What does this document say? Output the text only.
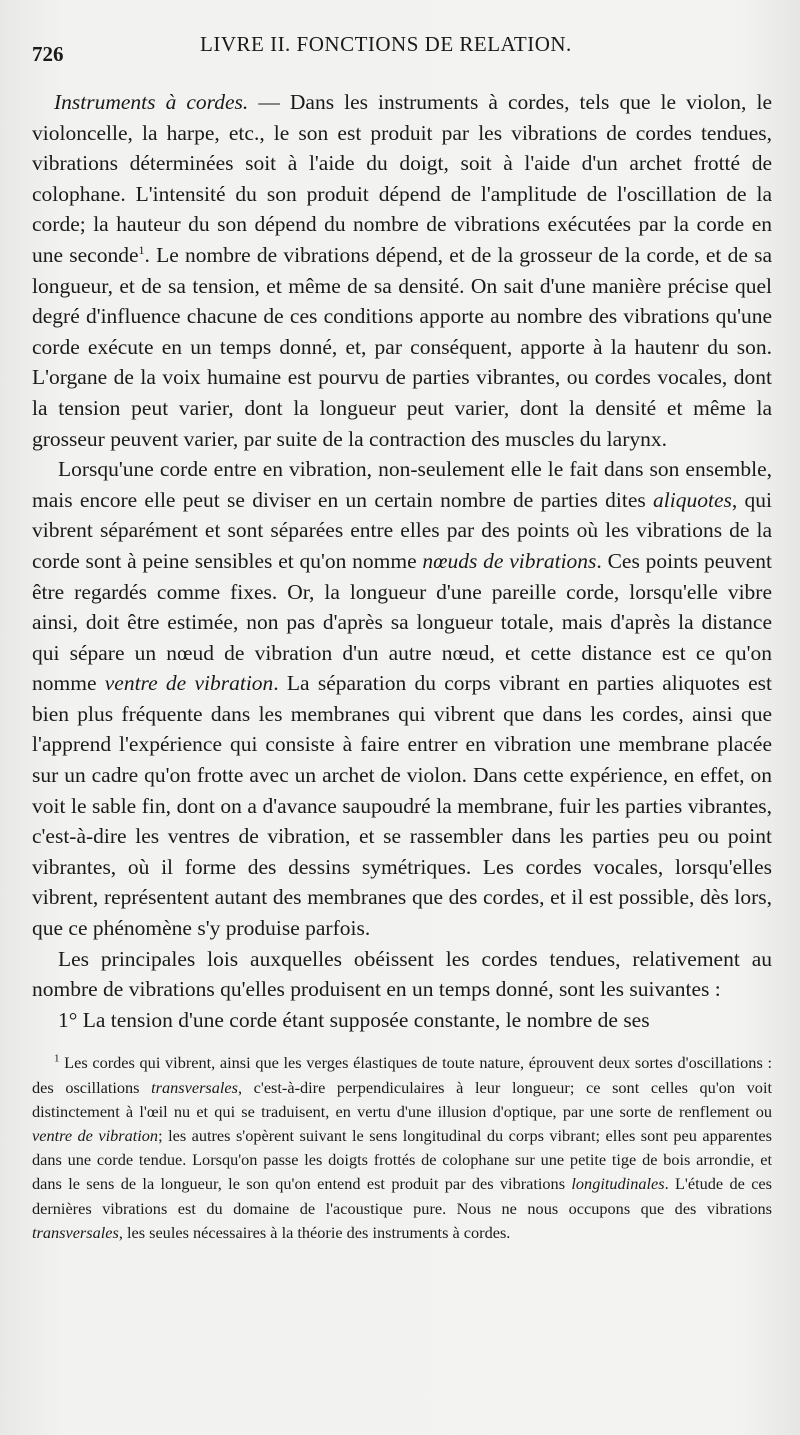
726	LIVRE II. FONCTIONS DE RELATION.

Instruments à cordes. — Dans les instruments à cordes, tels que le violon, le violoncelle, la harpe, etc., le son est produit par les vibrations de cordes tendues, vibrations déterminées soit à l'aide du doigt, soit à l'aide d'un archet frotté de colophane. L'intensité du son produit dépend de l'amplitude de l'oscillation de la corde; la hauteur du son dépend du nombre de vibrations exécutées par la corde en une seconde$^1$. Le nombre de vibrations dépend, et de la grosseur de la corde, et de sa longueur, et de sa tension, et même de sa densité. On sait d'une manière précise quel degré d'influence chacune de ces conditions apporte au nombre des vibrations qu'une corde exécute en un temps donné, et, par conséquent, apporte à la hautenr du son. L'organe de la voix humaine est pourvu de parties vibrantes, ou cordes vocales, dont la tension peut varier, dont la longueur peut varier, dont la densité et même la grosseur peuvent varier, par suite de la contraction des muscles du larynx.

Lorsqu'une corde entre en vibration, non-seulement elle le fait dans son ensemble, mais encore elle peut se diviser en un certain nombre de parties dites aliquotes, qui vibrent séparément et sont séparées entre elles par des points où les vibrations de la corde sont à peine sensibles et qu'on nomme nœuds de vibrations. Ces points peuvent être regardés comme fixes. Or, la longueur d'une pareille corde, lorsqu'elle vibre ainsi, doit être estimée, non pas d'après sa longueur totale, mais d'après la distance qui sépare un nœud de vibration d'un autre nœud, et cette distance est ce qu'on nomme ventre de vibration. La séparation du corps vibrant en parties aliquotes est bien plus fréquente dans les membranes qui vibrent que dans les cordes, ainsi que l'apprend l'expérience qui consiste à faire entrer en vibration une membrane placée sur un cadre qu'on frotte avec un archet de violon. Dans cette expérience, en effet, on voit le sable fin, dont on a d'avance saupoudré la membrane, fuir les parties vibrantes, c'est-à-dire les ventres de vibration, et se rassembler dans les parties peu ou point vibrantes, où il forme des dessins symétriques. Les cordes vocales, lorsqu'elles vibrent, représentent autant des membranes que des cordes, et il est possible, dès lors, que ce phénomène s'y produise parfois.

Les principales lois auxquelles obéissent les cordes tendues, relativement au nombre de vibrations qu'elles produisent en un temps donné, sont les suivantes :

1° La tension d'une corde étant supposée constante, le nombre de ses

$^1$ Les cordes qui vibrent, ainsi que les verges élastiques de toute nature, éprouvent deux sortes d'oscillations : des oscillations transversales, c'est-à-dire perpendiculaires à leur longueur; ce sont celles qu'on voit distinctement à l'œil nu et qui se traduisent, en vertu d'une illusion d'optique, par une sorte de renflement ou ventre de vibration; les autres s'opèrent suivant le sens longitudinal du corps vibrant; elles sont peu apparentes dans une corde tendue. Lorsqu'on passe les doigts frottés de colophane sur une petite tige de bois arrondie, et dans le sens de la longueur, le son qu'on entend est produit par des vibrations longitudinales. L'étude de ces dernières vibrations est du domaine de l'acoustique pure. Nous ne nous occupons que des vibrations transversales, les seules nécessaires à la théorie des instruments à cordes.
